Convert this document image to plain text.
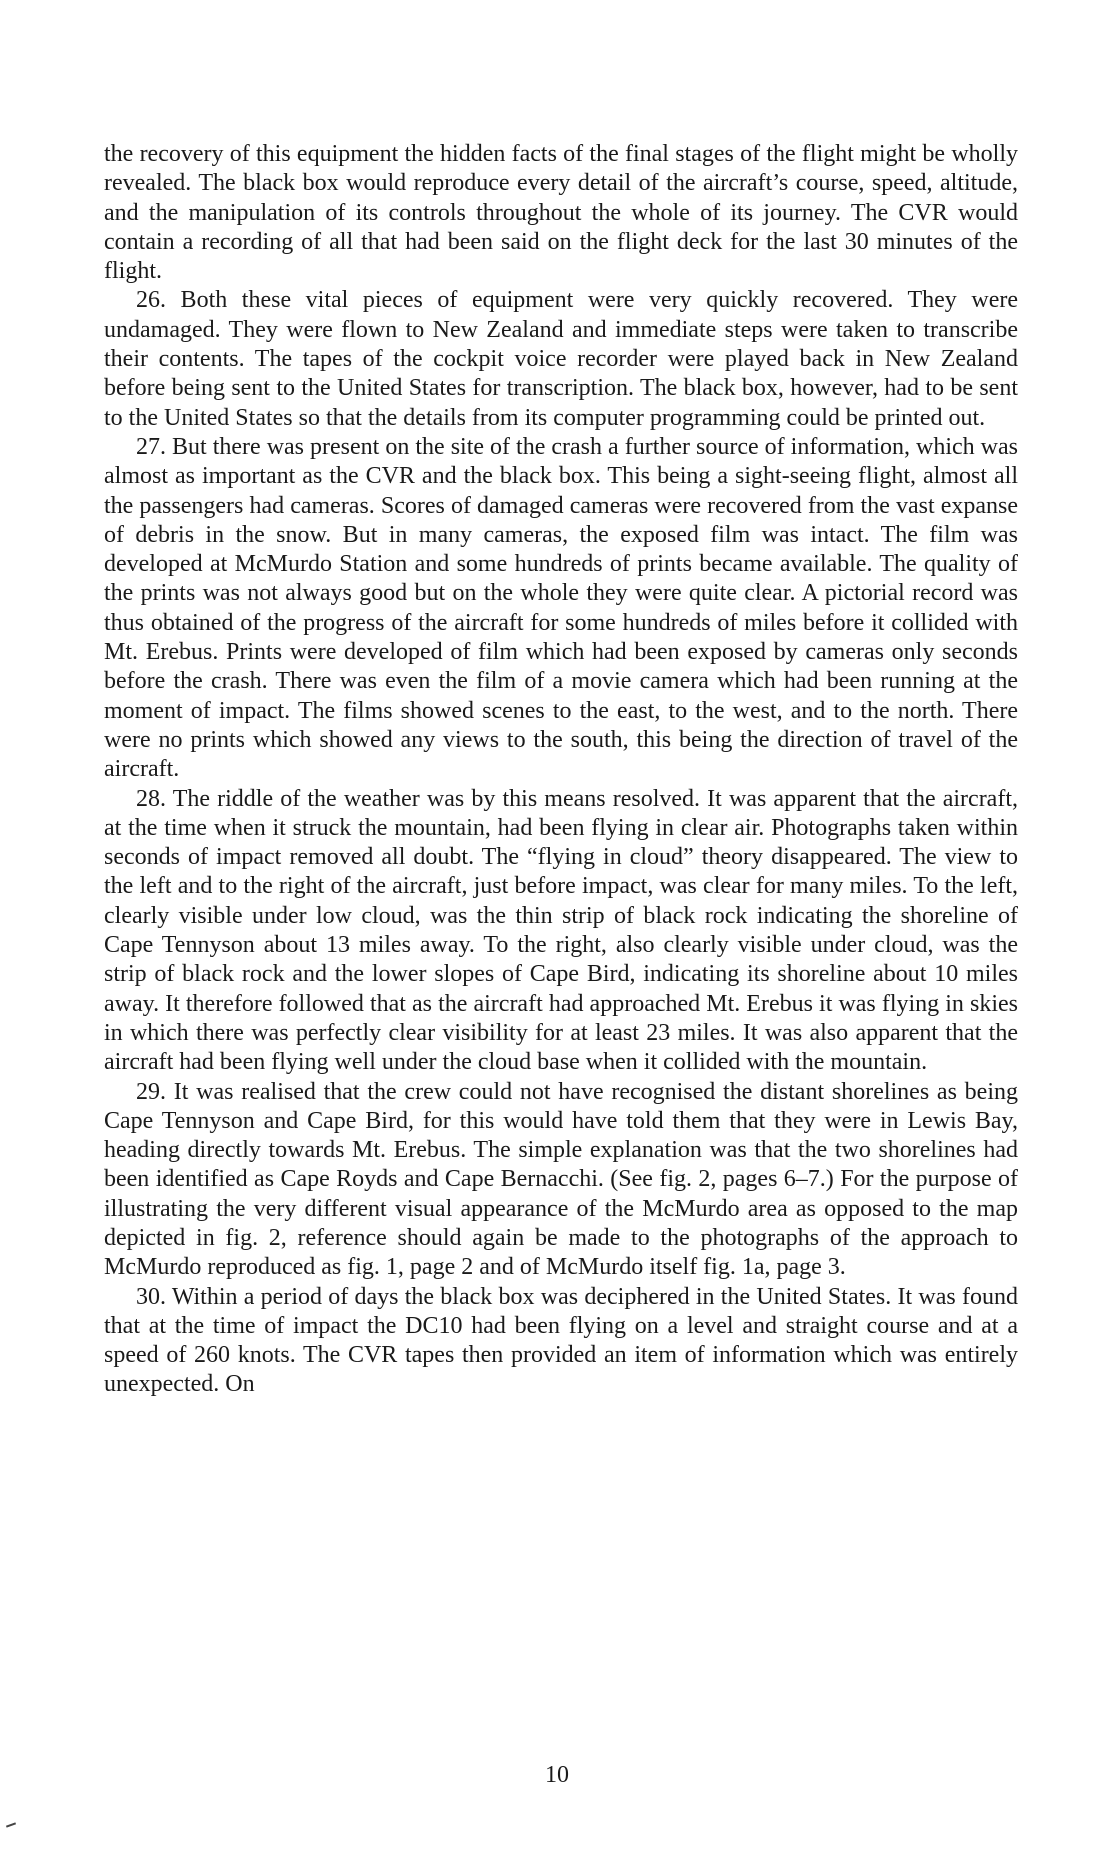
the recovery of this equipment the hidden facts of the final stages of the flight might be wholly revealed. The black box would reproduce every detail of the aircraft’s course, speed, altitude, and the manipulation of its controls throughout the whole of its journey. The CVR would contain a recording of all that had been said on the flight deck for the last 30 minutes of the flight.

26. Both these vital pieces of equipment were very quickly recovered. They were undamaged. They were flown to New Zealand and immediate steps were taken to transcribe their contents. The tapes of the cockpit voice recorder were played back in New Zealand before being sent to the United States for transcription. The black box, however, had to be sent to the United States so that the details from its computer programming could be printed out.

27. But there was present on the site of the crash a further source of information, which was almost as important as the CVR and the black box. This being a sight-seeing flight, almost all the passengers had cameras. Scores of damaged cameras were recovered from the vast expanse of debris in the snow. But in many cameras, the exposed film was intact. The film was developed at McMurdo Station and some hundreds of prints became available. The quality of the prints was not always good but on the whole they were quite clear. A pictorial record was thus obtained of the progress of the aircraft for some hundreds of miles before it collided with Mt. Erebus. Prints were developed of film which had been exposed by cameras only seconds before the crash. There was even the film of a movie camera which had been running at the moment of impact. The films showed scenes to the east, to the west, and to the north. There were no prints which showed any views to the south, this being the direction of travel of the aircraft.

28. The riddle of the weather was by this means resolved. It was apparent that the aircraft, at the time when it struck the mountain, had been flying in clear air. Photographs taken within seconds of impact removed all doubt. The “flying in cloud” theory disappeared. The view to the left and to the right of the aircraft, just before impact, was clear for many miles. To the left, clearly visible under low cloud, was the thin strip of black rock indicating the shoreline of Cape Tennyson about 13 miles away. To the right, also clearly visible under cloud, was the strip of black rock and the lower slopes of Cape Bird, indicating its shoreline about 10 miles away. It therefore followed that as the aircraft had approached Mt. Erebus it was flying in skies in which there was perfectly clear visibility for at least 23 miles. It was also apparent that the aircraft had been flying well under the cloud base when it collided with the mountain.

29. It was realised that the crew could not have recognised the distant shorelines as being Cape Tennyson and Cape Bird, for this would have told them that they were in Lewis Bay, heading directly towards Mt. Erebus. The simple explanation was that the two shorelines had been identified as Cape Royds and Cape Bernacchi. (See fig. 2, pages 6–7.) For the purpose of illustrating the very different visual appearance of the McMurdo area as opposed to the map depicted in fig. 2, reference should again be made to the photographs of the approach to McMurdo reproduced as fig. 1, page 2 and of McMurdo itself fig. 1a, page 3.

30. Within a period of days the black box was deciphered in the United States. It was found that at the time of impact the DC10 had been flying on a level and straight course and at a speed of 260 knots. The CVR tapes then provided an item of information which was entirely unexpected. On

10
